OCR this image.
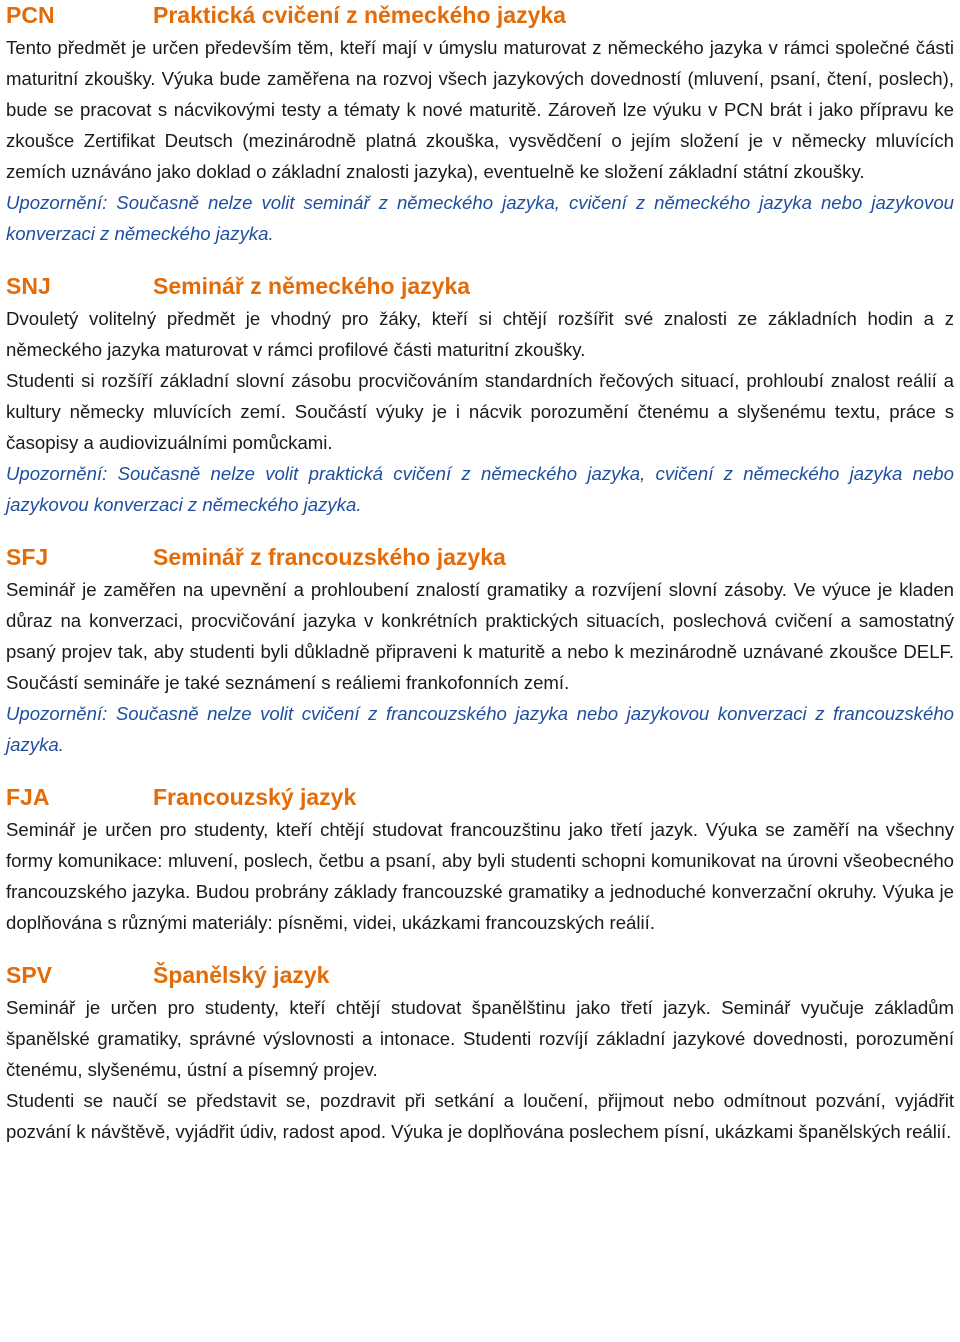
PCN	Praktická cvičení z německého jazyka

Tento předmět je určen především těm, kteří mají v úmyslu maturovat z německého jazyka v rámci společné části maturitní zkoušky. Výuka bude zaměřena na rozvoj všech jazykových dovedností (mluvení, psaní, čtení, poslech), bude se pracovat s nácvikovými testy a tématy k nové maturitě. Zároveň lze výuku v PCN brát i jako přípravu ke zkoušce Zertifikat Deutsch (mezinárodně platná zkouška, vysvědčení o jejím složení je v německy mluvících zemích uznáváno jako doklad o základní znalosti jazyka), eventuelně ke složení základní státní zkoušky.

Upozornění: Současně nelze volit seminář z německého jazyka, cvičení z německého jazyka nebo jazykovou konverzaci z německého jazyka.

SNJ	Seminář z německého jazyka

Dvouletý volitelný předmět je vhodný pro žáky, kteří si chtějí rozšířit své znalosti ze základních hodin a z německého jazyka maturovat v rámci profilové části maturitní zkoušky.

Studenti si rozšíří základní slovní zásobu procvičováním standardních řečových situací, prohloubí znalost reálií a kultury německy mluvících zemí. Součástí výuky je i nácvik porozumění čtenému a slyšenému textu, práce s časopisy a audiovizuálními pomůckami.

Upozornění: Současně nelze volit praktická cvičení z německého jazyka, cvičení z německého jazyka nebo jazykovou konverzaci z německého jazyka.

SFJ	Seminář z francouzského jazyka

Seminář je zaměřen na upevnění a prohloubení znalostí gramatiky a rozvíjení slovní zásoby. Ve výuce je kladen důraz na konverzaci, procvičování jazyka v konkrétních praktických situacích, poslechová cvičení a samostatný psaný projev tak, aby studenti byli důkladně připraveni k maturitě a nebo k mezinárodně uznávané zkoušce DELF. Součástí semináře je také seznámení s reáliemi frankofonních zemí.

Upozornění: Současně nelze volit cvičení z francouzského jazyka nebo jazykovou konverzaci z francouzského jazyka.

FJA	Francouzský jazyk

Seminář je určen pro studenty, kteří chtějí studovat francouzštinu jako třetí jazyk. Výuka se zaměří na všechny formy komunikace: mluvení, poslech, četbu a psaní, aby byli studenti schopni komunikovat na úrovni všeobecného francouzského jazyka. Budou probrány základy francouzské gramatiky a jednoduché konverzační okruhy. Výuka je doplňována s různými materiály: písněmi, videi, ukázkami francouzských reálií.

SPV	Španělský jazyk

Seminář je určen pro studenty, kteří chtějí studovat španělštinu jako třetí jazyk. Seminář vyučuje základům španělské gramatiky, správné výslovnosti a intonace. Studenti rozvíjí základní jazykové dovednosti, porozumění čtenému, slyšenému, ústní a písemný projev.

Studenti se naučí se představit se, pozdravit při setkání a loučení, přijmout nebo odmítnout pozvání, vyjádřit pozvání k návštěvě, vyjádřit údiv, radost apod. Výuka je doplňována poslechem písní, ukázkami španělských reálií.
